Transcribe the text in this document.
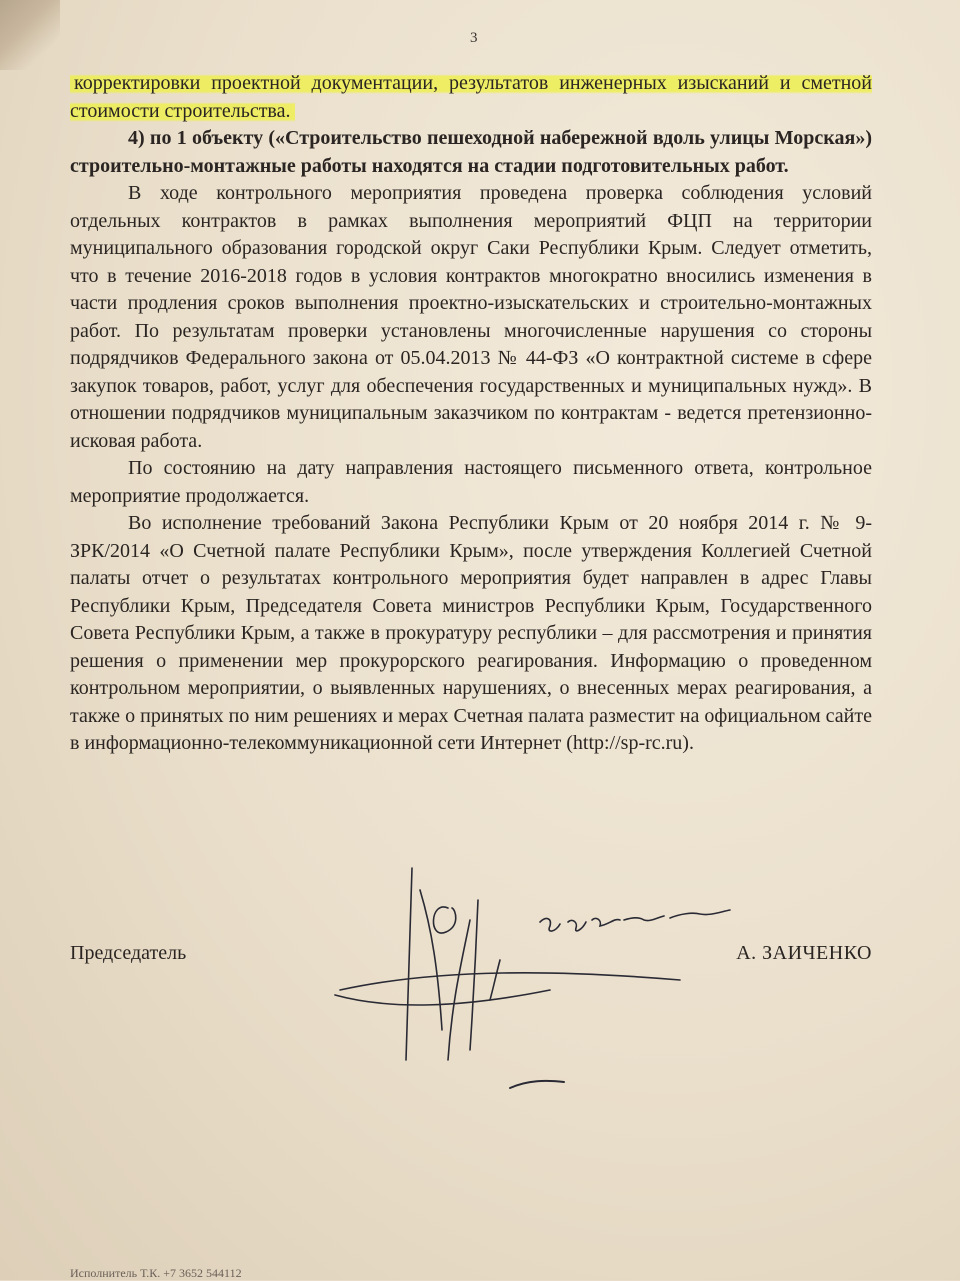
3

корректировки проектной документации, результатов инженерных изысканий и сметной стоимости строительства.

4) по 1 объекту («Строительство пешеходной набережной вдоль улицы Морская») строительно-монтажные работы находятся на стадии подготовительных работ.

В ходе контрольного мероприятия проведена проверка соблюдения условий отдельных контрактов в рамках выполнения мероприятий ФЦП на территории муниципального образования городской округ Саки Республики Крым. Следует отметить, что в течение 2016-2018 годов в условия контрактов многократно вносились изменения в части продления сроков выполнения проектно-изыскательских и строительно-монтажных работ. По результатам проверки установлены многочисленные нарушения со стороны подрядчиков Федерального закона от 05.04.2013 № 44-ФЗ «О контрактной системе в сфере закупок товаров, работ, услуг для обеспечения государственных и муниципальных нужд». В отношении подрядчиков муниципальным заказчиком по контрактам - ведется претензионно-исковая работа.

По состоянию на дату направления настоящего письменного ответа, контрольное мероприятие продолжается.

Во исполнение требований Закона Республики Крым от 20 ноября 2014 г. № 9-ЗРК/2014 «О Счетной палате Республики Крым», после утверждения Коллегией Счетной палаты отчет о результатах контрольного мероприятия будет направлен в адрес Главы Республики Крым, Председателя Совета министров Республики Крым, Государственного Совета Республики Крым, а также в прокуратуру республики – для рассмотрения и принятия решения о применении мер прокурорского реагирования. Информацию о проведенном контрольном мероприятии, о выявленных нарушениях, о внесенных мерах реагирования, а также о принятых по ним решениях и мерах Счетная палата разместит на официальном сайте в информационно-телекоммуникационной сети Интернет (http://sp-rc.ru).

Председатель	А. ЗАИЧЕНКО
Исполнитель Т.К. +7 3652 544112
